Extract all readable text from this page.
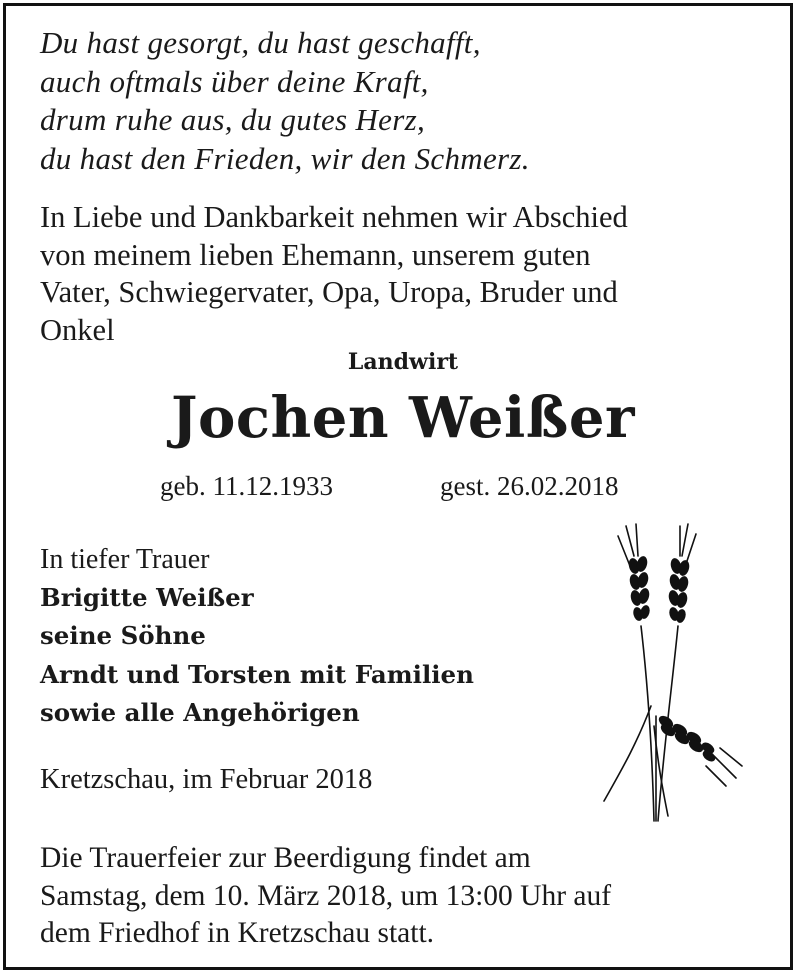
Du hast gesorgt, du hast geschafft,
auch oftmals über deine Kraft,
drum ruhe aus, du gutes Herz,
du hast den Frieden, wir den Schmerz.
In Liebe und Dankbarkeit nehmen wir Abschied
von meinem lieben Ehemann, unserem guten
Vater, Schwiegervater, Opa, Uropa, Bruder und
Onkel
Landwirt
Jochen Weißer
geb. 11.12.1933	gest. 26.02.2018
In tiefer Trauer
Brigitte Weißer
seine Söhne
Arndt und Torsten mit Familien
sowie alle Angehörigen
Kretzschau, im Februar 2018
Die Trauerfeier zur Beerdigung findet am
Samstag, dem 10. März 2018, um 13:00 Uhr auf
dem Friedhof in Kretzschau statt.
